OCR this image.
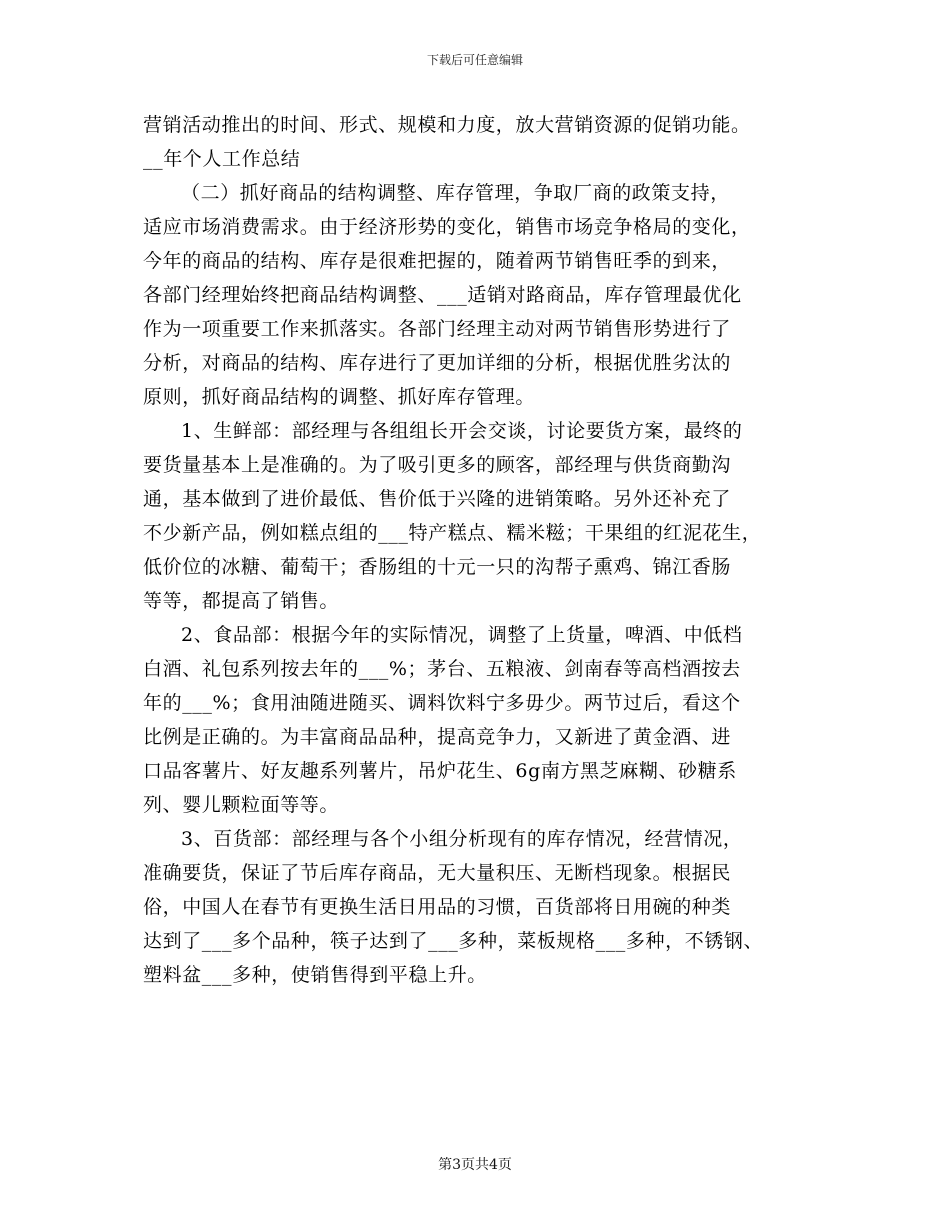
下载后可任意编辑
营销活动推出的时间、形式、规模和力度，放大营销资源的促销功能。
__年个人工作总结
（二）抓好商品的结构调整、库存管理，争取厂商的政策支持，
适应市场消费需求。由于经济形势的变化，销售市场竞争格局的变化，
今年的商品的结构、库存是很难把握的，随着两节销售旺季的到来，
各部门经理始终把商品结构调整、___适销对路商品，库存管理最优化
作为一项重要工作来抓落实。各部门经理主动对两节销售形势进行了
分析，对商品的结构、库存进行了更加详细的分析，根据优胜劣汰的
原则，抓好商品结构的调整、抓好库存管理。
1、生鲜部：部经理与各组组长开会交谈，讨论要货方案，最终的
要货量基本上是准确的。为了吸引更多的顾客，部经理与供货商勤沟
通，基本做到了进价最低、售价低于兴隆的进销策略。另外还补充了
不少新产品，例如糕点组的___特产糕点、糯米糍；干果组的红泥花生，
低价位的冰糖、葡萄干；香肠组的十元一只的沟帮子熏鸡、锦江香肠
等等，都提高了销售。
2、食品部：根据今年的实际情况，调整了上货量，啤酒、中低档
白酒、礼包系列按去年的___%；茅台、五粮液、剑南春等高档酒按去
年的___%；食用油随进随买、调料饮料宁多毋少。两节过后，看这个
比例是正确的。为丰富商品品种，提高竞争力，又新进了黄金酒、进
口品客薯片、好友趣系列薯片，吊炉花生、6g南方黑芝麻糊、砂糖系
列、婴儿颗粒面等等。
3、百货部：部经理与各个小组分析现有的库存情况，经营情况，
准确要货，保证了节后库存商品，无大量积压、无断档现象。根据民
俗，中国人在春节有更换生活日用品的习惯，百货部将日用碗的种类
达到了___多个品种，筷子达到了___多种，菜板规格___多种，不锈钢、
塑料盆___多种，使销售得到平稳上升。
第3页共4页
